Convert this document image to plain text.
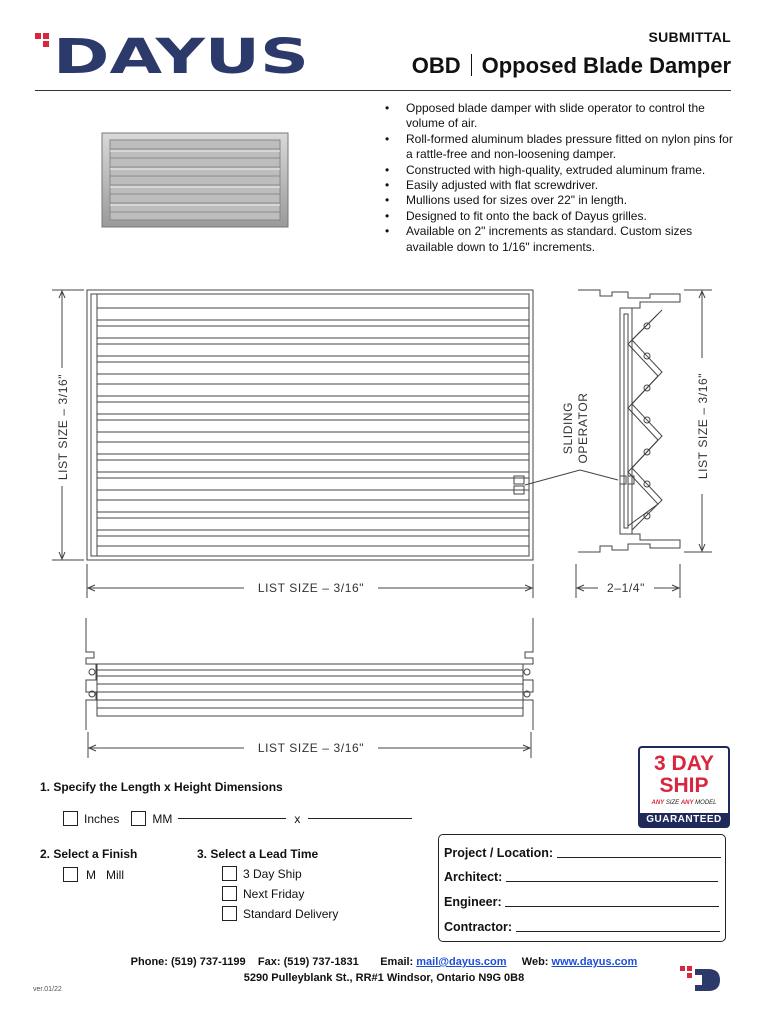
DAYUS	SUBMITTAL
OBD Opposed Blade Damper
• Opposed blade damper with slide operator to control the volume of air.
• Roll-formed aluminum blades pressure fitted on nylon pins for a rattle-free and non-loosening damper.
• Constructed with high-quality, extruded aluminum frame.
• Easily adjusted with flat screwdriver.
• Mullions used for sizes over 22" in length.
• Designed to fit onto the back of Dayus grilles.
• Available on 2" increments as standard. Custom sizes available down to 1/16" increments.
LIST SIZE – 3/16"
LIST SIZE – 3/16"	LIST SIZE – 3/16"
2–1/4"
SLIDING OPERATOR
LIST SIZE – 3/16"
1. Specify the Length x Height Dimensions
Inches	MM	x
2. Select a Finish
M Mill
3. Select a Lead Time
3 Day Ship
Next Friday
Standard Delivery
3 DAY
SHIP
ANY SIZE ANY MODEL
GUARANTEED
Project / Location:
Architect:
Engineer:
Contractor:
Phone: (519) 737-1199 Fax: (519) 737-1831 Email: mail@dayus.com Web: www.dayus.com
5290 Pulleyblank St., RR#1 Windsor, Ontario N9G 0B8
ver.01/22
